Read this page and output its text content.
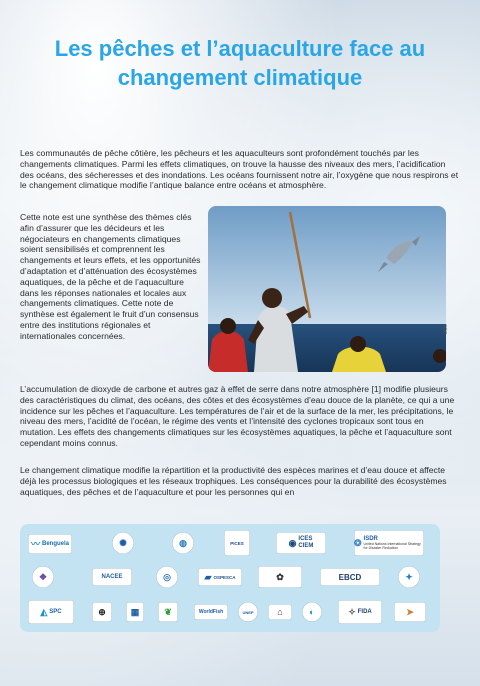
Les pêches et l’aquaculture face au changement climatique

Les communautés de pêche côtière, les pêcheurs et les aquaculteurs sont profondément touchés par les changements climatiques. Parmi les effets climatiques, on trouve la hausse des niveaux des mers, l’acidification des océans, des sécheresses et des inondations. Les océans fournissent notre air, l’oxygène que nous respirons et le changement climatique modifie l’antique balance entre océans et atmosphère.

Cette note est une synthèse des thèmes clés afin d’assurer que les décideurs et les négociateurs en changements climatiques soient sensibilisés et comprennent les changements et leurs effets, et les opportunités d’adaptation et d’atténuation des écosystèmes aquatiques, de la pêche et de l’aquaculture dans les réponses nationales et locales aux changements climatiques. Cette note de synthèse est également le fruit d’un consensus entre des institutions régionales et internationales concernées.

SPC

L’accumulation de dioxyde de carbone et autres gaz à effet de serre dans notre atmosphère [1] modifie plusieurs des caractéristiques du climat, des océans, des côtes et des écosystèmes d’eau douce de la planète, ce qui a une incidence sur les pêches et l’aquaculture. Les températures de l’air et de la surface de la mer, les précipitations, le niveau des mers, l’acidité de l’océan, le régime des vents et l’intensité des cyclones tropicaux sont tous en mutation. Les effets des changements climatiques sur les écosystèmes aquatiques, la pêche et l’aquaculture sont cependant moins connus.

Le changement climatique modifie la répartition et la productivité des espèces marines et d’eau douce et affecte déjà les processus biologiques et les réseaux trophiques. Les conséquences pour la durabilité des écosystèmes aquatiques, des pêches et de l’aquaculture et pour les personnes qui en

〰 Benguela	✺	◍	PICES	◉ ICES
CIEM	❂ ISDR
United Nations International Strategy for Disaster Reduction
❖	NACEE	◎	▰ OSPESCA	✿	EBCD	✦
◭ SPC	⊕	▦	❦	WorldFish	UNEP	⌂	◐	✧ FIDA	➤
